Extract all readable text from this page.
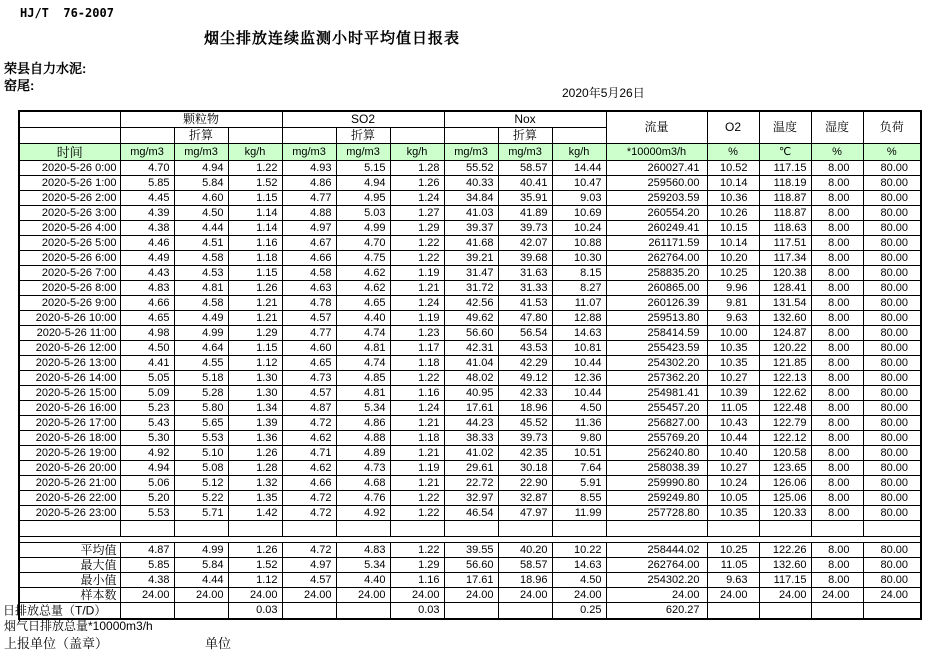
HJ/T  76-2007
烟尘排放连续监测小时平均值日报表
荣县自力水泥:
窑尾:	2020年5月26日
	颗粒物			SO2			Nox			流量	O2	温度	湿度	负荷
		折算			折算			折算						
时间	mg/m3	mg/m3	kg/h	mg/m3	mg/m3	kg/h	mg/m3	mg/m3	kg/h	*10000m3/h	%	℃	%	%
2020-5-26 0:00	4.70	4.94	1.22	4.93	5.15	1.28	55.52	58.57	14.44	260027.41	10.52	117.15	8.00	80.00
2020-5-26 1:00	5.85	5.84	1.52	4.86	4.94	1.26	40.33	40.41	10.47	259560.00	10.14	118.19	8.00	80.00
2020-5-26 2:00	4.45	4.60	1.15	4.77	4.95	1.24	34.84	35.91	9.03	259203.59	10.36	118.87	8.00	80.00
2020-5-26 3:00	4.39	4.50	1.14	4.88	5.03	1.27	41.03	41.89	10.69	260554.20	10.26	118.87	8.00	80.00
2020-5-26 4:00	4.38	4.44	1.14	4.97	4.99	1.29	39.37	39.73	10.24	260249.41	10.15	118.63	8.00	80.00
2020-5-26 5:00	4.46	4.51	1.16	4.67	4.70	1.22	41.68	42.07	10.88	261171.59	10.14	117.51	8.00	80.00
2020-5-26 6:00	4.49	4.58	1.18	4.66	4.75	1.22	39.21	39.68	10.30	262764.00	10.20	117.34	8.00	80.00
2020-5-26 7:00	4.43	4.53	1.15	4.58	4.62	1.19	31.47	31.63	8.15	258835.20	10.25	120.38	8.00	80.00
2020-5-26 8:00	4.83	4.81	1.26	4.63	4.62	1.21	31.72	31.33	8.27	260865.00	9.96	128.41	8.00	80.00
2020-5-26 9:00	4.66	4.58	1.21	4.78	4.65	1.24	42.56	41.53	11.07	260126.39	9.81	131.54	8.00	80.00
2020-5-26 10:00	4.65	4.49	1.21	4.57	4.40	1.19	49.62	47.80	12.88	259513.80	9.63	132.60	8.00	80.00
2020-5-26 11:00	4.98	4.99	1.29	4.77	4.74	1.23	56.60	56.54	14.63	258414.59	10.00	124.87	8.00	80.00
2020-5-26 12:00	4.50	4.64	1.15	4.60	4.81	1.17	42.31	43.53	10.81	255423.59	10.35	120.22	8.00	80.00
2020-5-26 13:00	4.41	4.55	1.12	4.65	4.74	1.18	41.04	42.29	10.44	254302.20	10.35	121.85	8.00	80.00
2020-5-26 14:00	5.05	5.18	1.30	4.73	4.85	1.22	48.02	49.12	12.36	257362.20	10.27	122.13	8.00	80.00
2020-5-26 15:00	5.09	5.28	1.30	4.57	4.81	1.16	40.95	42.33	10.44	254981.41	10.39	122.62	8.00	80.00
2020-5-26 16:00	5.23	5.80	1.34	4.87	5.34	1.24	17.61	18.96	4.50	255457.20	11.05	122.48	8.00	80.00
2020-5-26 17:00	5.43	5.65	1.39	4.72	4.86	1.21	44.23	45.52	11.36	256827.00	10.43	122.79	8.00	80.00
2020-5-26 18:00	5.30	5.53	1.36	4.62	4.88	1.18	38.33	39.73	9.80	255769.20	10.44	122.12	8.00	80.00
2020-5-26 19:00	4.92	5.10	1.26	4.71	4.89	1.21	41.02	42.35	10.51	256240.80	10.40	120.58	8.00	80.00
2020-5-26 20:00	4.94	5.08	1.28	4.62	4.73	1.19	29.61	30.18	7.64	258038.39	10.27	123.65	8.00	80.00
2020-5-26 21:00	5.06	5.12	1.32	4.66	4.68	1.21	22.72	22.90	5.91	259990.80	10.24	126.06	8.00	80.00
2020-5-26 22:00	5.20	5.22	1.35	4.72	4.76	1.22	32.97	32.87	8.55	259249.80	10.05	125.06	8.00	80.00
2020-5-26 23:00	5.53	5.71	1.42	4.72	4.92	1.22	46.54	47.97	11.99	257728.80	10.35	120.33	8.00	80.00

平均值	4.87	4.99	1.26	4.72	4.83	1.22	39.55	40.20	10.22	258444.02	10.25	122.26	8.00	80.00
最大值	5.85	5.84	1.52	4.97	5.34	1.29	56.60	58.57	14.63	262764.00	11.05	132.60	8.00	80.00
最小值	4.38	4.44	1.12	4.57	4.40	1.16	17.61	18.96	4.50	254302.20	9.63	117.15	8.00	80.00
样本数	24.00	24.00	24.00	24.00	24.00	24.00	24.00	24.00	24.00	24.00	24.00	24.00	24.00	24.00

日排放总量（T/D）			0.03			0.03			0.25	620.27				
烟气日排放总量*10000m3/h
上报单位（盖章）	单位
